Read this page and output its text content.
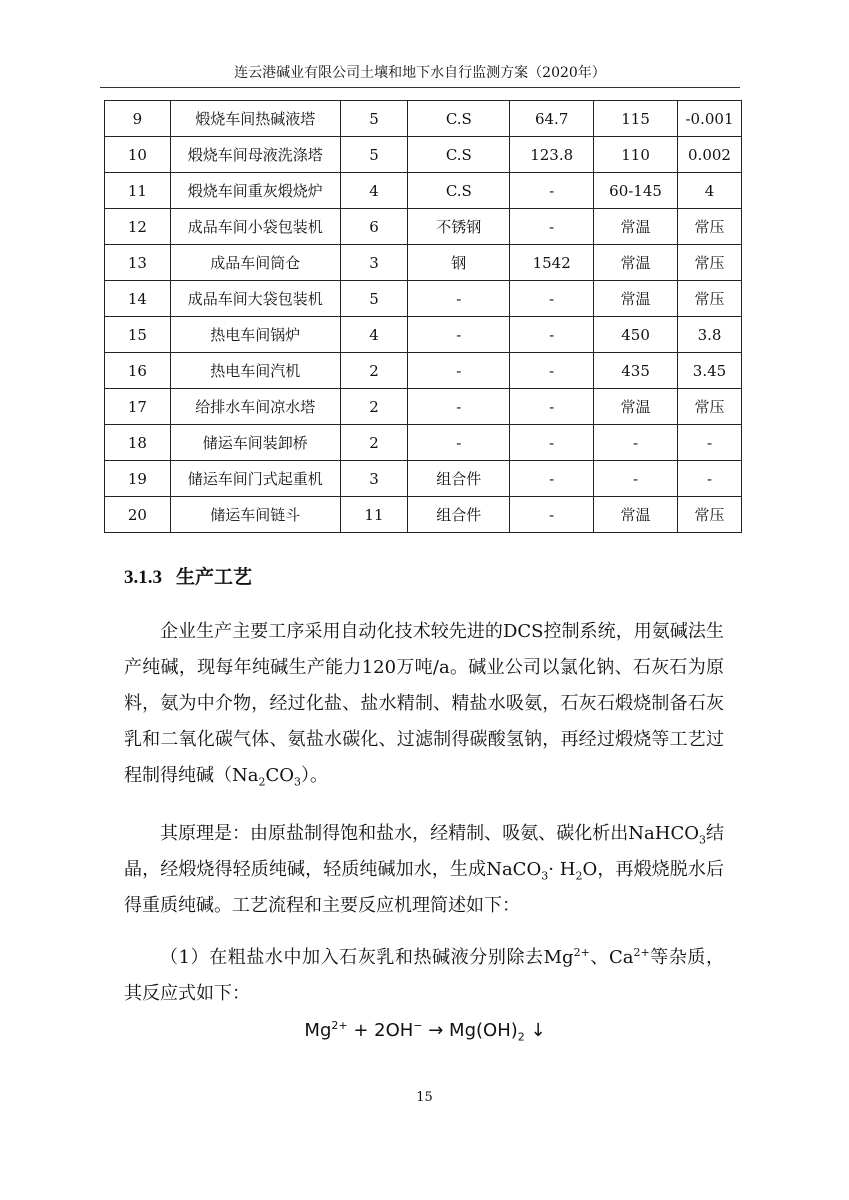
连云港碱业有限公司土壤和地下水自行监测方案（2020年）
9	煅烧车间热碱液塔	5	C.S	64.7	115	-0.001
10	煅烧车间母液洗涤塔	5	C.S	123.8	110	0.002
11	煅烧车间重灰煅烧炉	4	C.S	-	60-145	4
12	成品车间小袋包装机	6	不锈钢	-	常温	常压
13	成品车间筒仓	3	钢	1542	常温	常压
14	成品车间大袋包装机	5	-	-	常温	常压
15	热电车间锅炉	4	-	-	450	3.8
16	热电车间汽机	2	-	-	435	3.45
17	给排水车间凉水塔	2	-	-	常温	常压
18	储运车间装卸桥	2	-	-	-	-
19	储运车间门式起重机	3	组合件	-	-	-
20	储运车间链斗	11	组合件	-	常温	常压
3.1.3 生产工艺
企业生产主要工序采用自动化技术较先进的DCS控制系统，用氨碱法生产纯碱，现每年纯碱生产能力120万吨/a。碱业公司以氯化钠、石灰石为原料，氨为中介物，经过化盐、盐水精制、精盐水吸氨，石灰石煅烧制备石灰乳和二氧化碳气体、氨盐水碳化、过滤制得碳酸氢钠，再经过煅烧等工艺过程制得纯碱$(Na_2CO_3)$。
其原理是：由原盐制得饱和盐水，经精制、吸氨、碳化析出NaHCO$_3$结晶，经煅烧得轻质纯碱，轻质纯碱加水，生成NaCO$_3$· $H_2O$，再煅烧脱水后得重质纯碱。工艺流程和主要反应机理简述如下：
（1）在粗盐水中加入石灰乳和热碱液分别除去$Mg^{2+}$、$Ca^{2+}$等杂质，其反应式如下：
$Mg^{2+} + 2OH^- \to Mg(OH)_2$ ↓
15
